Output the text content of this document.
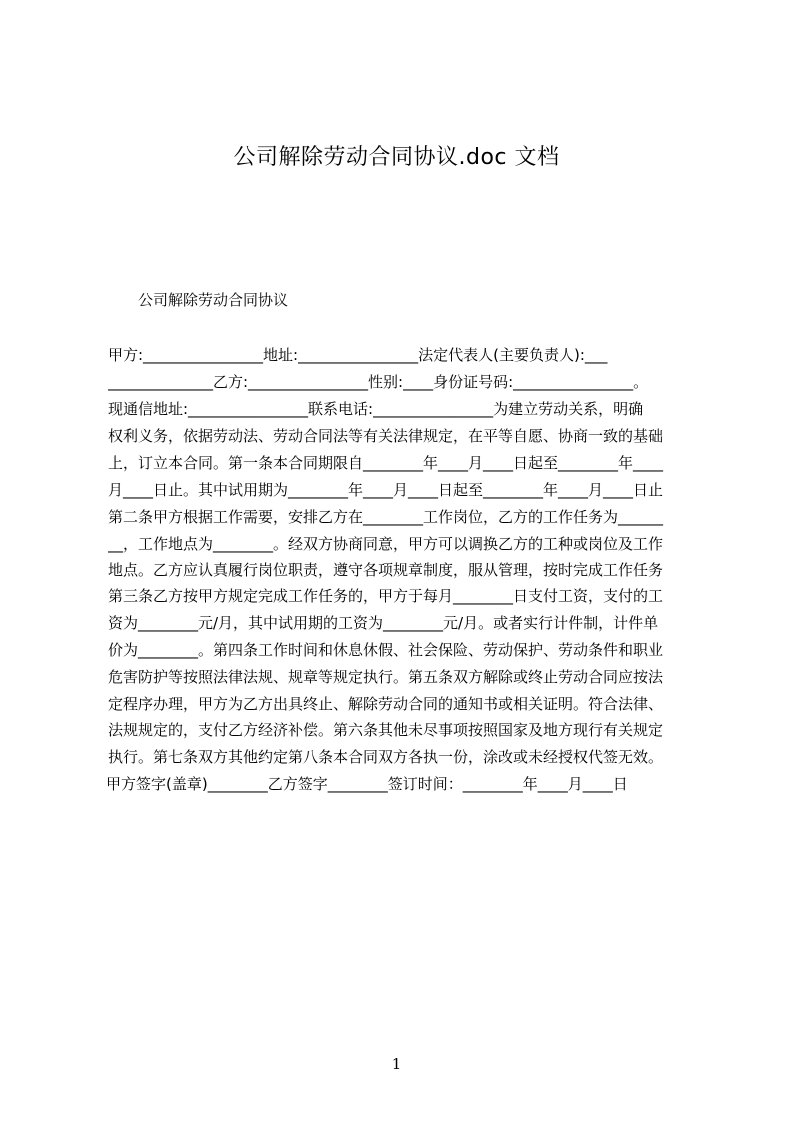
公司解除劳动合同协议.doc 文档
公司解除劳动合同协议
甲方:________________地址:________________法定代表人(主要负责人):___
______________乙方:________________性别:____身份证号码:________________。
现通信地址:________________联系电话:________________为建立劳动关系，明确
权利义务，依据劳动法、劳动合同法等有关法律规定，在平等自愿、协商一致的基础
上，订立本合同。第一条本合同期限自________年____月____日起至________年____
月____日止。其中试用期为________年____月____日起至________年____月____日止
第二条甲方根据工作需要，安排乙方在________工作岗位，乙方的工作任务为______
__，工作地点为________。经双方协商同意，甲方可以调换乙方的工种或岗位及工作
地点。乙方应认真履行岗位职责，遵守各项规章制度，服从管理，按时完成工作任务
第三条乙方按甲方规定完成工作任务的，甲方于每月________日支付工资，支付的工
资为________元/月，其中试用期的工资为________元/月。或者实行计件制，计件单
价为________。第四条工作时间和休息休假、社会保险、劳动保护、劳动条件和职业
危害防护等按照法律法规、规章等规定执行。第五条双方解除或终止劳动合同应按法
定程序办理，甲方为乙方出具终止、解除劳动合同的通知书或相关证明。符合法律、
法规规定的，支付乙方经济补偿。第六条其他未尽事项按照国家及地方现行有关规定
执行。第七条双方其他约定第八条本合同双方各执一份，涂改或未经授权代签无效。
甲方签字(盖章)________乙方签字________签订时间：________年____月____日
1
